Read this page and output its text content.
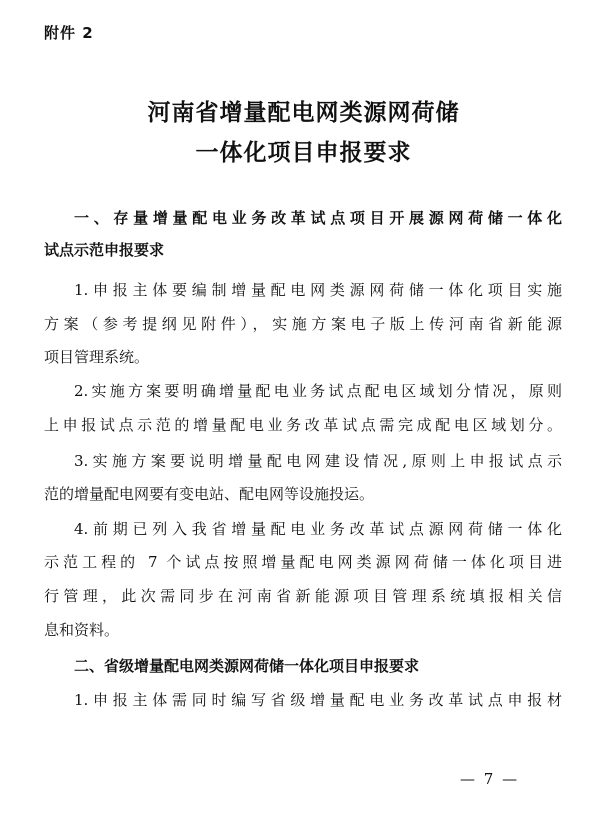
附件 2
河南省增量配电网类源网荷储
一体化项目申报要求
一、存量增量配电业务改革试点项目开展源网荷储一体化
试点示范申报要求
1.申报主体要编制增量配电网类源网荷储一体化项目实施
方案（参考提纲见附件），实施方案电子版上传河南省新能源
项目管理系统。
2.实施方案要明确增量配电业务试点配电区域划分情况，原则
上申报试点示范的增量配电业务改革试点需完成配电区域划分。
3.实施方案要说明增量配电网建设情况,原则上申报试点示
范的增量配电网要有变电站、配电网等设施投运。
4.前期已列入我省增量配电业务改革试点源网荷储一体化
示范工程的 7 个试点按照增量配电网类源网荷储一体化项目进
行管理，此次需同步在河南省新能源项目管理系统填报相关信
息和资料。
二、省级增量配电网类源网荷储一体化项目申报要求
1.申报主体需同时编写省级增量配电业务改革试点申报材
— 7 —
